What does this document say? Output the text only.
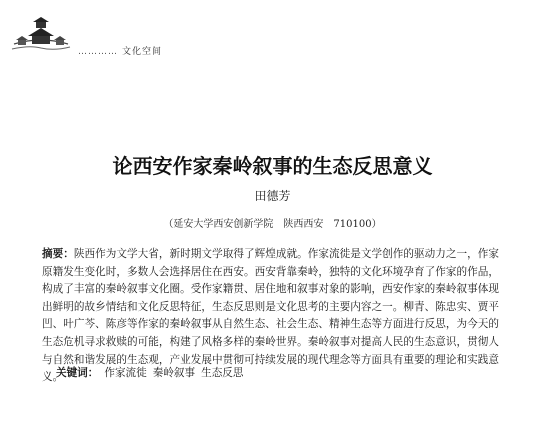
………… 文化空间
论西安作家秦岭叙事的生态反思意义
田德芳
（延安大学西安创新学院　陕西西安　710100）
摘要：陕西作为文学大省，新时期文学取得了辉煌成就。作家流徙是文学创作的驱动力之一，作家原籍发生变化时，多数人会选择居住在西安。西安背靠秦岭，独特的文化环境孕育了作家的作品，构成了丰富的秦岭叙事文化圈。受作家籍贯、居住地和叙事对象的影响，西安作家的秦岭叙事体现出鲜明的故乡情结和文化反思特征，生态反思则是文化思考的主要内容之一。柳青、陈忠实、贾平凹、叶广芩、陈彦等作家的秦岭叙事从自然生态、社会生态、精神生态等方面进行反思，为今天的生态危机寻求救赎的可能，构建了风格多样的秦岭世界。秦岭叙事对提高人民的生态意识，贯彻人与自然和谐发展的生态观，产业发展中贯彻可持续发展的现代理念等方面具有重要的理论和实践意义。
关键词： 作家流徙 秦岭叙事 生态反思
